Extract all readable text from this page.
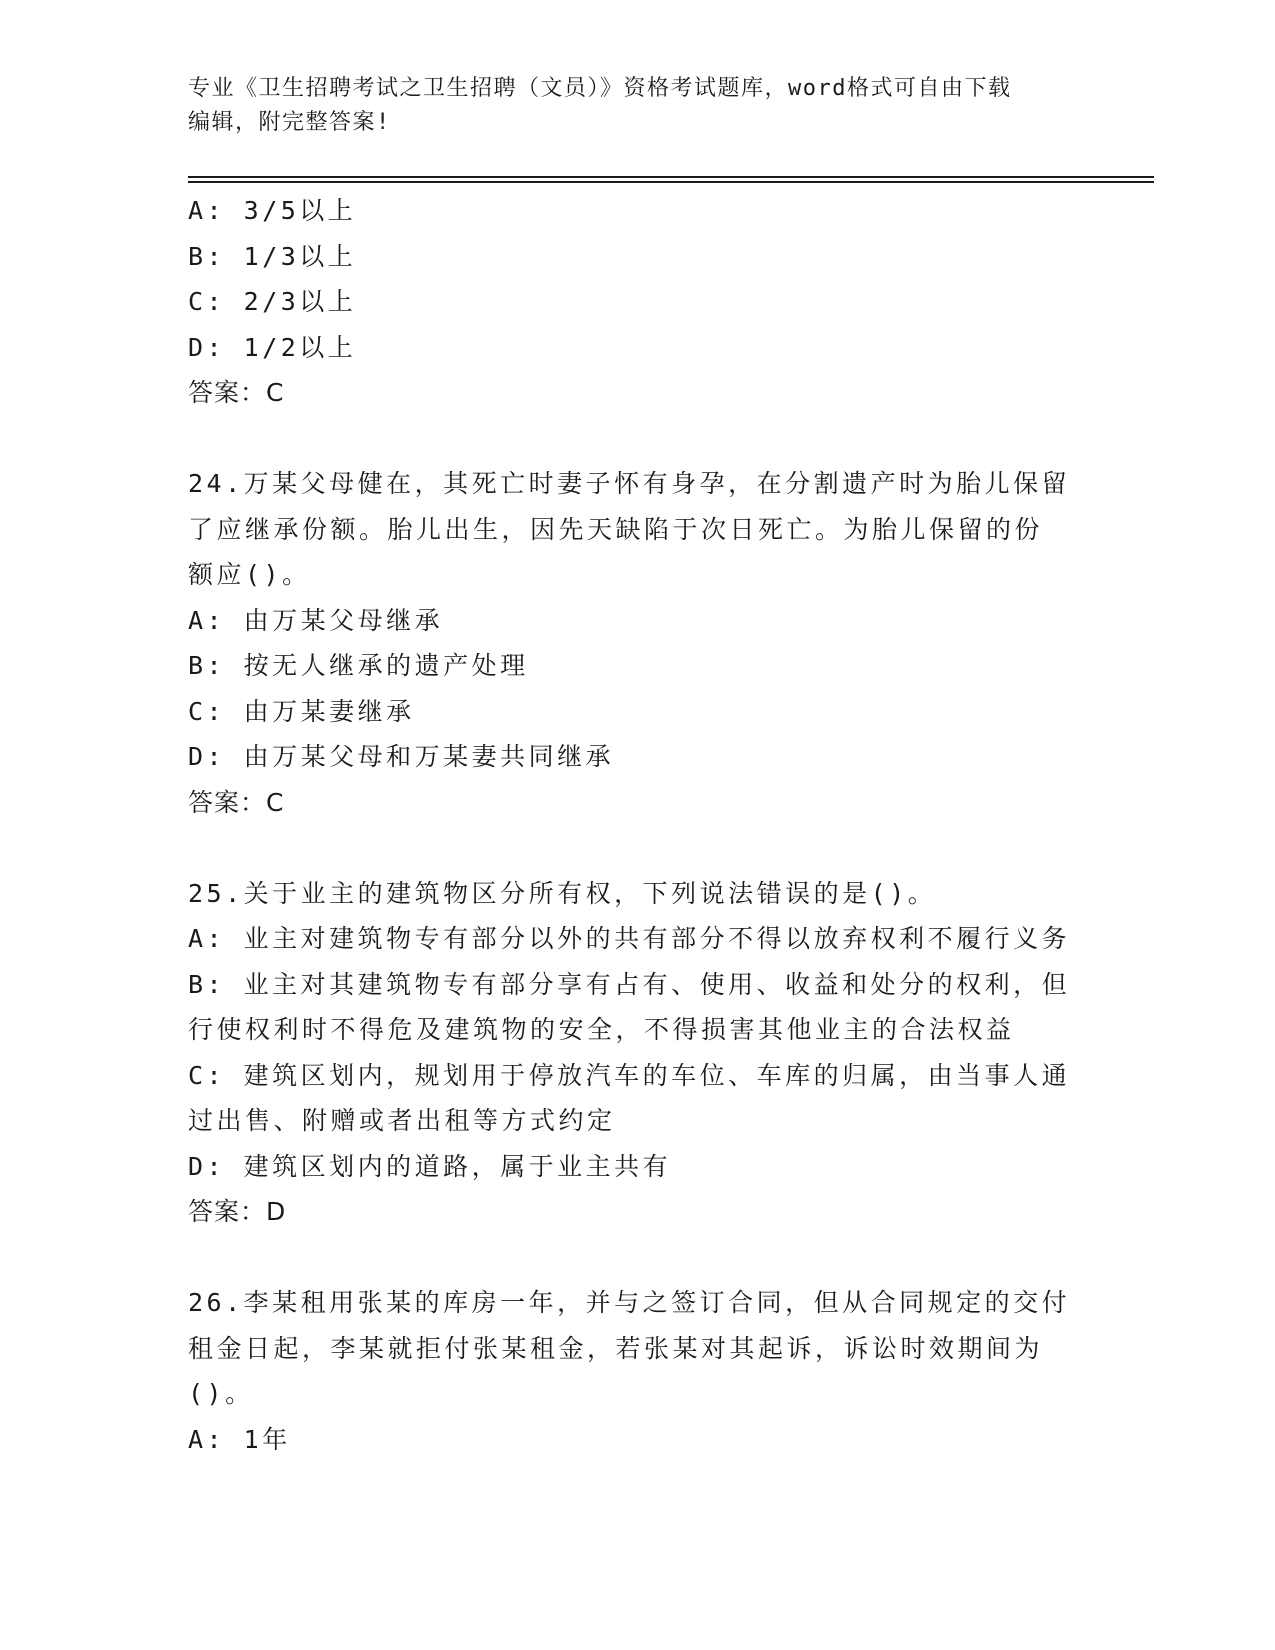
专业《卫生招聘考试之卫生招聘（文员）》资格考试题库，word格式可自由下载
编辑，附完整答案!
A: 3/5以上
B: 1/3以上
C: 2/3以上
D: 1/2以上
答案：C
24.万某父母健在，其死亡时妻子怀有身孕，在分割遗产时为胎儿保留
了应继承份额。胎儿出生，因先天缺陷于次日死亡。为胎儿保留的份
额应()。
A: 由万某父母继承
B: 按无人继承的遗产处理
C: 由万某妻继承
D: 由万某父母和万某妻共同继承
答案：C
25.关于业主的建筑物区分所有权，下列说法错误的是()。
A: 业主对建筑物专有部分以外的共有部分不得以放弃权利不履行义务
B: 业主对其建筑物专有部分享有占有、使用、收益和处分的权利，但
行使权利时不得危及建筑物的安全，不得损害其他业主的合法权益
C: 建筑区划内，规划用于停放汽车的车位、车库的归属，由当事人通
过出售、附赠或者出租等方式约定
D: 建筑区划内的道路，属于业主共有
答案：D
26.李某租用张某的库房一年，并与之签订合同，但从合同规定的交付
租金日起，李某就拒付张某租金，若张某对其起诉，诉讼时效期间为
()。
A: 1年
